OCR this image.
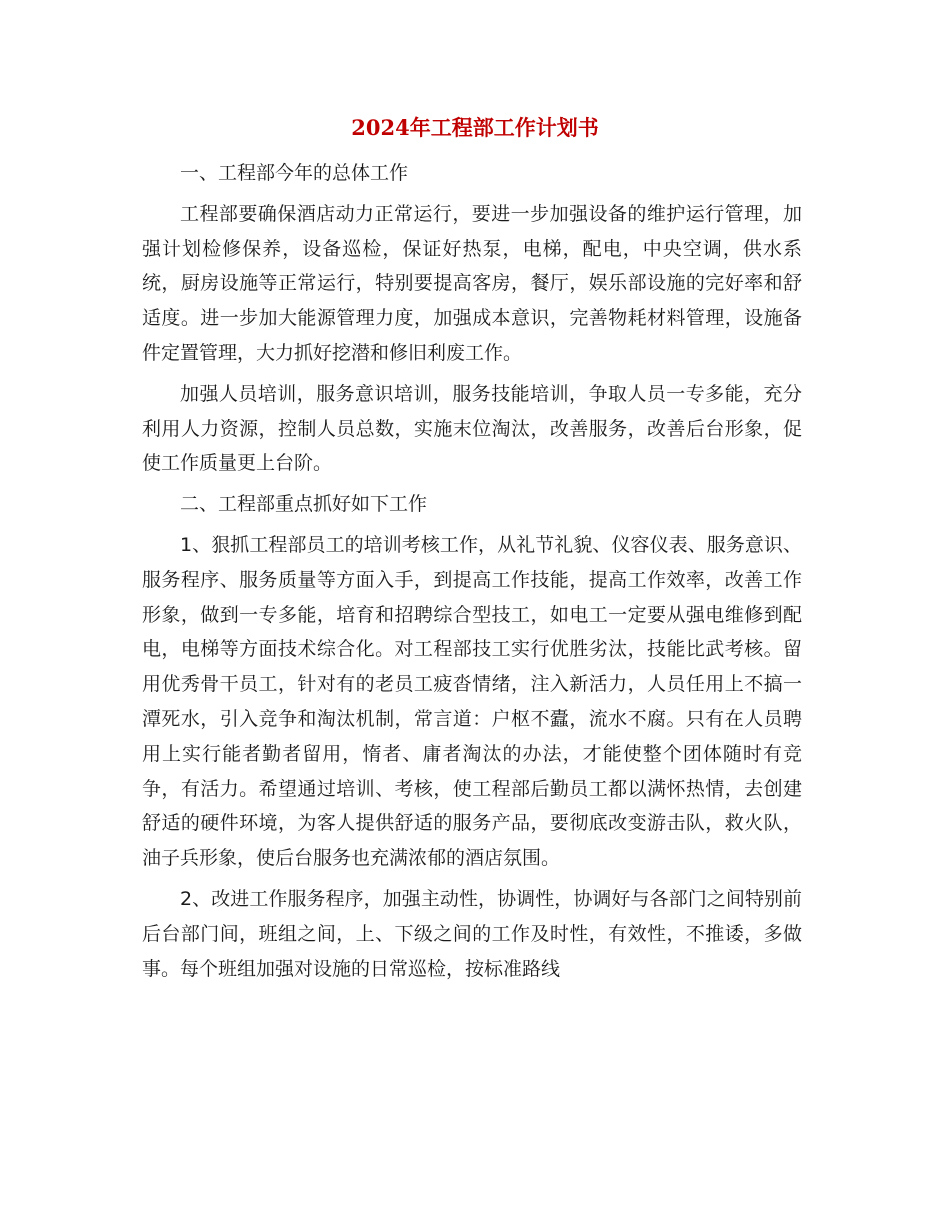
2024年工程部工作计划书

一、工程部今年的总体工作

工程部要确保酒店动力正常运行，要进一步加强设备的维护运行管理，加强计划检修保养，设备巡检，保证好热泵，电梯，配电，中央空调，供水系统，厨房设施等正常运行，特别要提高客房，餐厅，娱乐部设施的完好率和舒适度。进一步加大能源管理力度，加强成本意识，完善物耗材料管理，设施备件定置管理，大力抓好挖潜和修旧利废工作。

加强人员培训，服务意识培训，服务技能培训，争取人员一专多能，充分利用人力资源，控制人员总数，实施末位淘汰，改善服务，改善后台形象，促使工作质量更上台阶。

二、工程部重点抓好如下工作

1、狠抓工程部员工的培训考核工作，从礼节礼貌、仪容仪表、服务意识、服务程序、服务质量等方面入手，到提高工作技能，提高工作效率，改善工作形象，做到一专多能，培育和招聘综合型技工，如电工一定要从强电维修到配电，电梯等方面技术综合化。对工程部技工实行优胜劣汰，技能比武考核。留用优秀骨干员工，针对有的老员工疲沓情绪，注入新活力，人员任用上不搞一潭死水，引入竞争和淘汰机制，常言道：户枢不蠹，流水不腐。只有在人员聘用上实行能者勤者留用，惰者、庸者淘汰的办法，才能使整个团体随时有竞争，有活力。希望通过培训、考核，使工程部后勤员工都以满怀热情，去创建舒适的硬件环境，为客人提供舒适的服务产品，要彻底改变游击队，救火队，油子兵形象，使后台服务也充满浓郁的酒店氛围。

2、改进工作服务程序，加强主动性，协调性，协调好与各部门之间特别前后台部门间，班组之间，上、下级之间的工作及时性，有效性，不推诿，多做事。每个班组加强对设施的日常巡检，按标准路线
